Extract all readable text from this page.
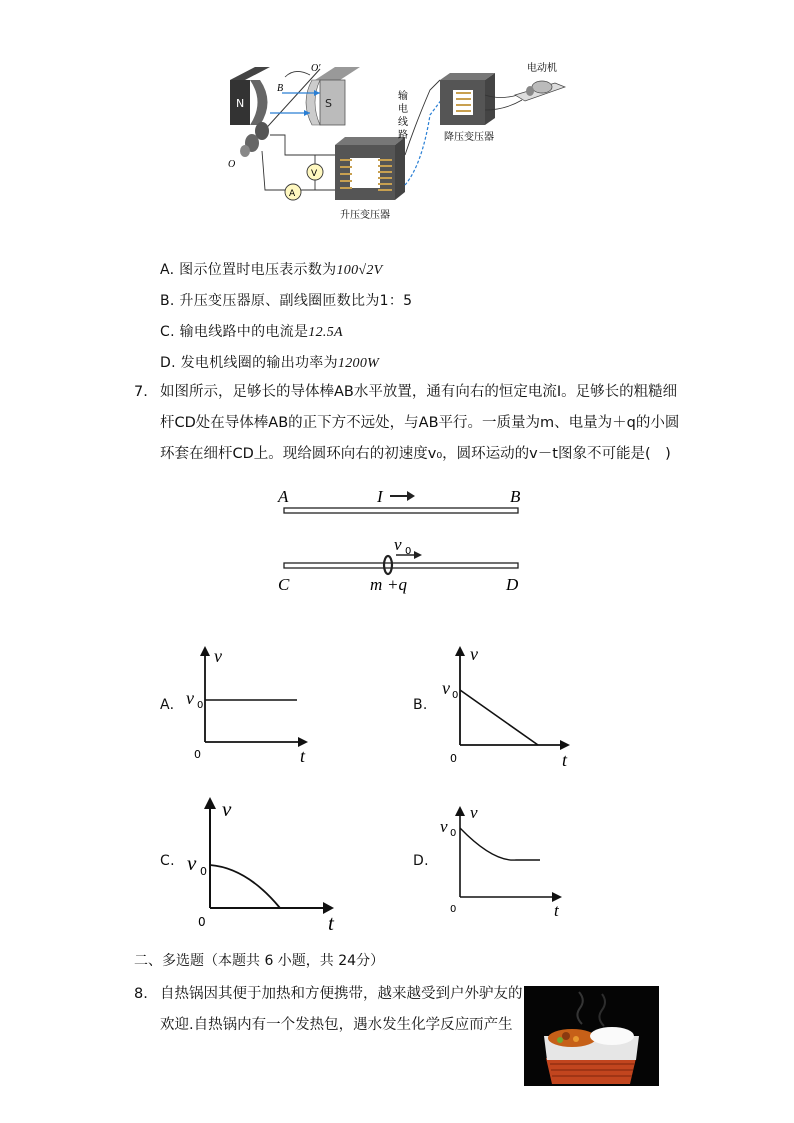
N	S
O′
B
O
V
A
升压变压器
输
电
线
路	降压变压器
电动机
A. 图示位置时电压表示数为100√2V
B. 升压变压器原、副线圈匝数比为1：5
C. 输电线路中的电流是12.5A
D. 发电机线圈的输出功率为1200W
7. 如图所示，足够长的导体棒AB水平放置，通有向右的恒定电流I。足够长的粗糙细
杆CD处在导体棒AB的正下方不远处，与AB平行。一质量为m、电量为＋q的小圆
环套在细杆CD上。现给圆环向右的初速度v₀，圆环运动的v－t图象不可能是(　)
A	B
I
v 0
C	D
m +q
A.
v
v 0
t
0
B.
v
v 0
t
0
C.
v
v 0
t
0
D.
v
v 0
t
0
二、多选题（本题共 6 小题，共 24分）
8. 自热锅因其便于加热和方便携带，越来越受到户外驴友的
欢迎.自热锅内有一个发热包，遇水发生化学反应而产生
